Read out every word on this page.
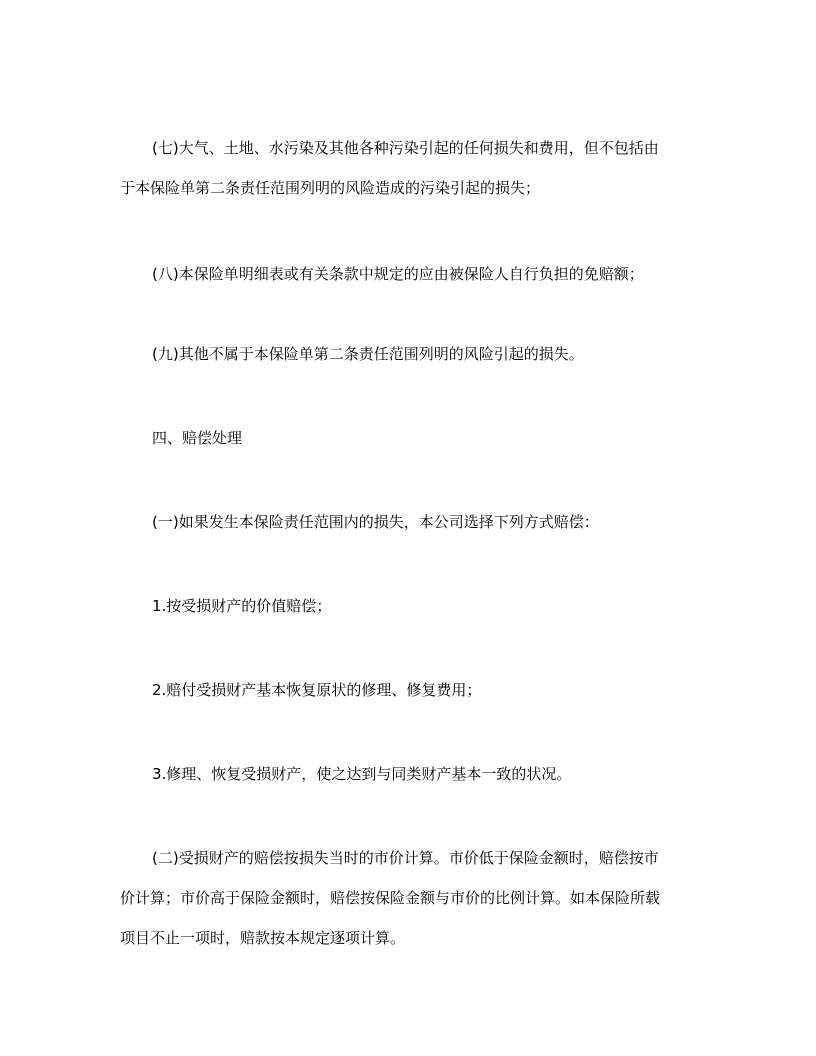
(七)大气、土地、水污染及其他各种污染引起的任何损失和费用，但不包括由
于本保险单第二条责任范围列明的风险造成的污染引起的损失；

(八)本保险单明细表或有关条款中规定的应由被保险人自行负担的免赔额；

(九)其他不属于本保险单第二条责任范围列明的风险引起的损失。

四、赔偿处理

(一)如果发生本保险责任范围内的损失，本公司选择下列方式赔偿：

1.按受损财产的价值赔偿；

2.赔付受损财产基本恢复原状的修理、修复费用；

3.修理、恢复受损财产，使之达到与同类财产基本一致的状况。

(二)受损财产的赔偿按损失当时的市价计算。市价低于保险金额时，赔偿按市
价计算；市价高于保险金额时，赔偿按保险金额与市价的比例计算。如本保险所载
项目不止一项时，赔款按本规定逐项计算。
